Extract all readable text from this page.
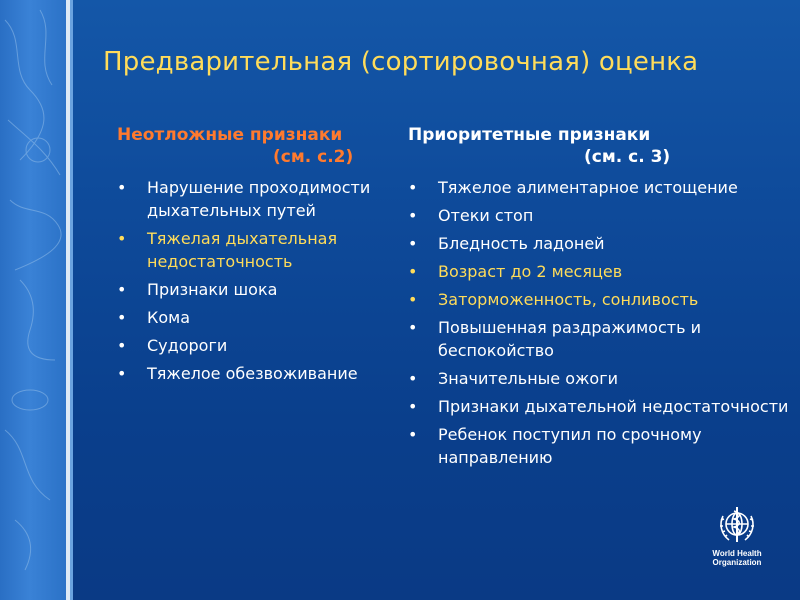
Предварительная (сортировочная) оценка
Неотложные признаки
(см. с.2)
• Нарушение проходимости дыхательных путей
• Тяжелая дыхательная недостаточность
• Признаки шока
• Кома
• Судороги
• Тяжелое обезвоживание
Приоритетные признаки
(см. с. 3)
• Тяжелое алиментарное истощение
• Отеки стоп
• Бледность ладоней
• Возраст до 2 месяцев
• Заторможенность, сонливость
• Повышенная раздражимость и беспокойство
• Значительные ожоги
• Признаки дыхательной недостаточности
• Ребенок поступил по срочному направлению
World Health
Organization
